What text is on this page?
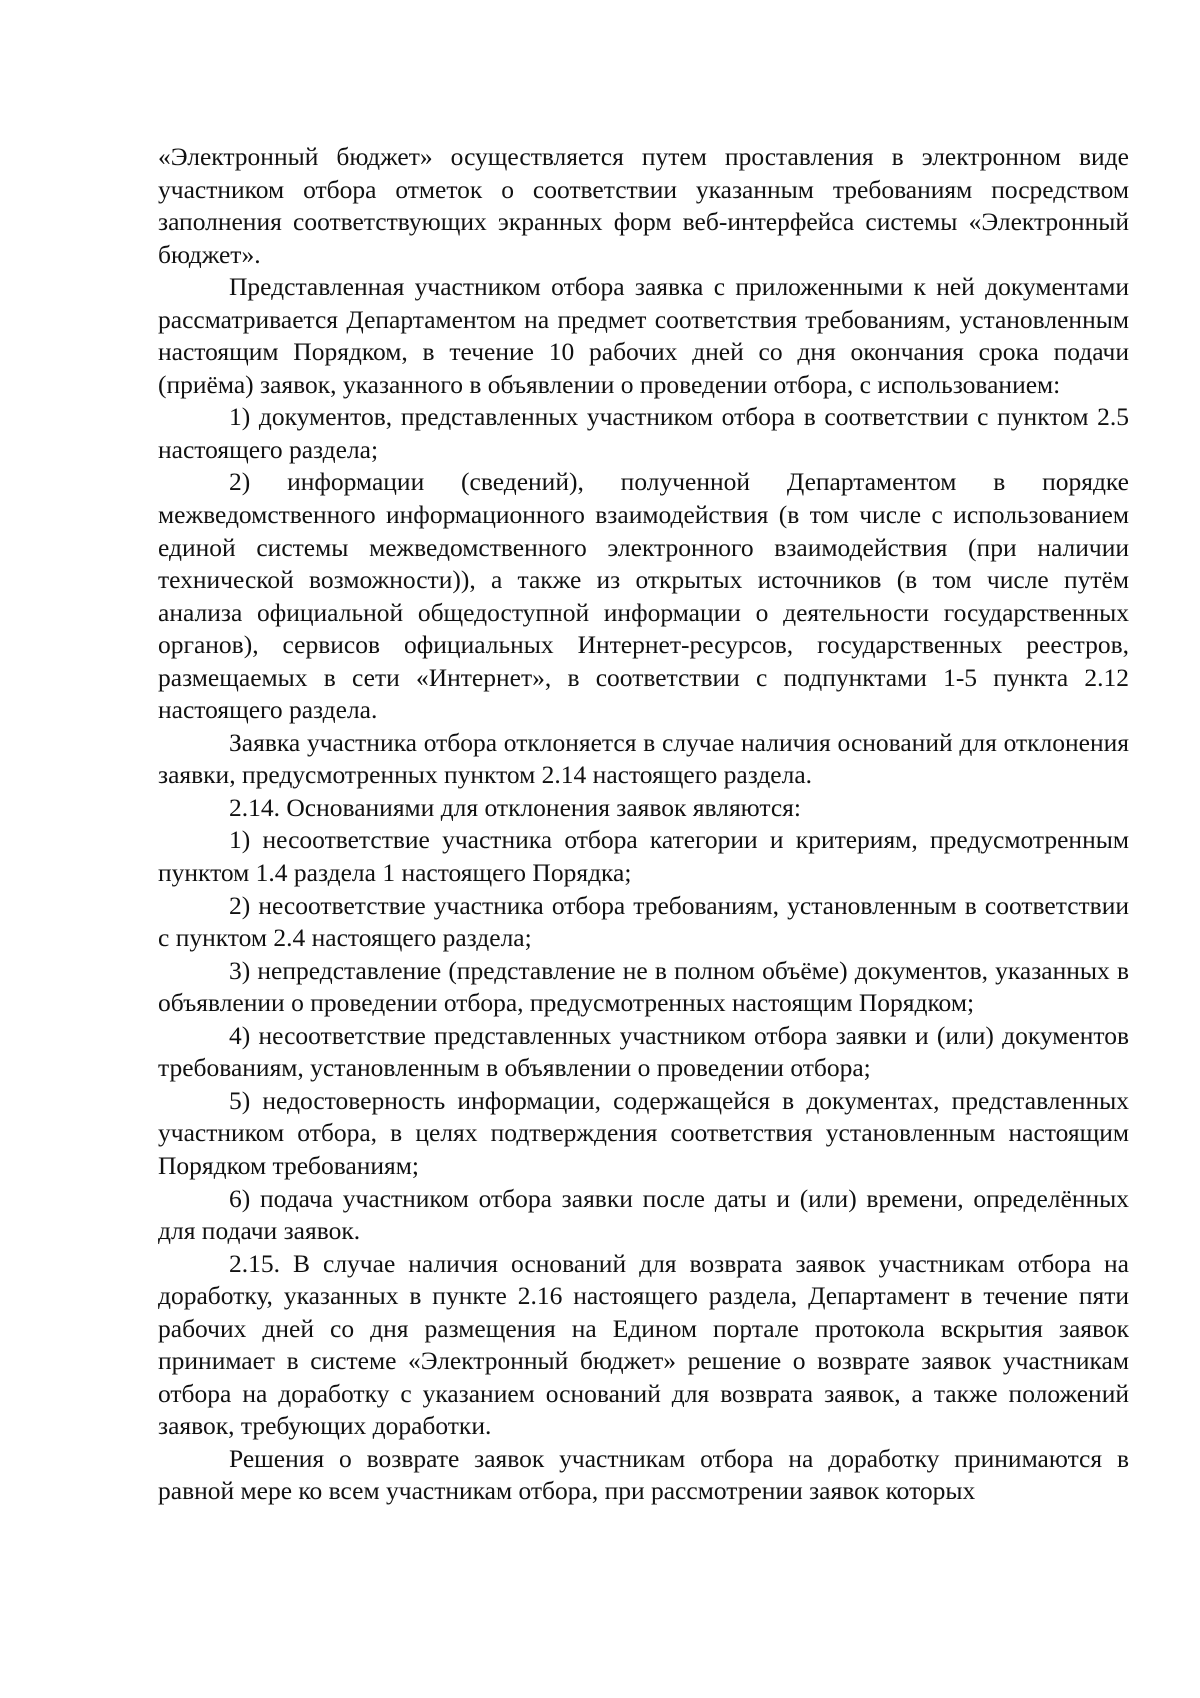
«Электронный бюджет» осуществляется путем проставления в электронном виде участником отбора отметок о соответствии указанным требованиям посредством заполнения соответствующих экранных форм веб-интерфейса системы «Электронный бюджет».

Представленная участником отбора заявка с приложенными к ней документами рассматривается Департаментом на предмет соответствия требованиям, установленным настоящим Порядком, в течение 10 рабочих дней со дня окончания срока подачи (приёма) заявок, указанного в объявлении о проведении отбора, с использованием:

1) документов, представленных участником отбора в соответствии с пунктом 2.5 настоящего раздела;

2) информации (сведений), полученной Департаментом в порядке межведомственного информационного взаимодействия (в том числе с использованием единой системы межведомственного электронного взаимодействия (при наличии технической возможности)), а также из открытых источников (в том числе путём анализа официальной общедоступной информации о деятельности государственных органов), сервисов официальных Интернет-ресурсов, государственных реестров, размещаемых в сети «Интернет», в соответствии с подпунктами 1-5 пункта 2.12 настоящего раздела.

Заявка участника отбора отклоняется в случае наличия оснований для отклонения заявки, предусмотренных пунктом 2.14 настоящего раздела.

2.14. Основаниями для отклонения заявок являются:

1) несоответствие участника отбора категории и критериям, предусмотренным пунктом 1.4 раздела 1 настоящего Порядка;

2) несоответствие участника отбора требованиям, установленным в соответствии с пунктом 2.4 настоящего раздела;

3) непредставление (представление не в полном объёме) документов, указанных в объявлении о проведении отбора, предусмотренных настоящим Порядком;

4) несоответствие представленных участником отбора заявки и (или) документов требованиям, установленным в объявлении о проведении отбора;

5) недостоверность информации, содержащейся в документах, представленных участником отбора, в целях подтверждения соответствия установленным настоящим Порядком требованиям;

6) подача участником отбора заявки после даты и (или) времени, определённых для подачи заявок.

2.15. В случае наличия оснований для возврата заявок участникам отбора на доработку, указанных в пункте 2.16 настоящего раздела, Департамент в течение пяти рабочих дней со дня размещения на Едином портале протокола вскрытия заявок принимает в системе «Электронный бюджет» решение о возврате заявок участникам отбора на доработку с указанием оснований для возврата заявок, а также положений заявок, требующих доработки.

Решения о возврате заявок участникам отбора на доработку принимаются в равной мере ко всем участникам отбора, при рассмотрении заявок которых
